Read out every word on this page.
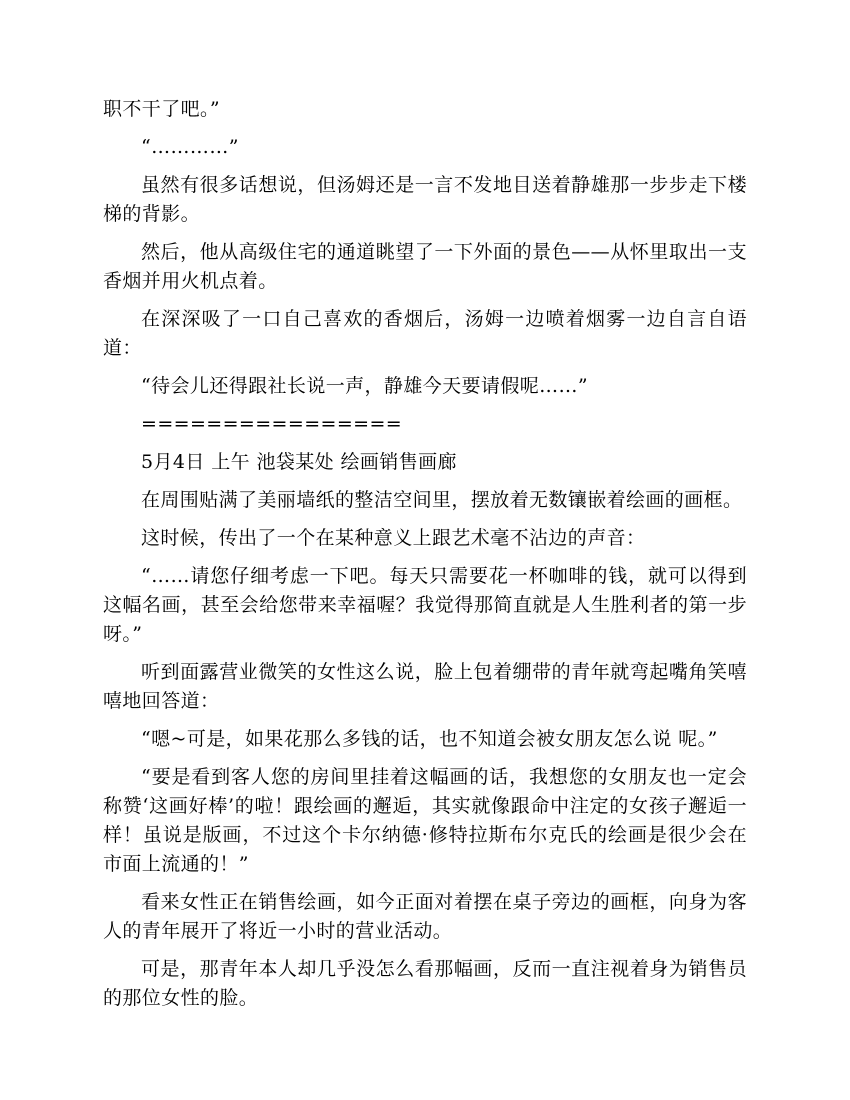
职不干了吧。”

“…………”

虽然有很多话想说，但汤姆还是一言不发地目送着静雄那一步步走下楼梯的背影。

然后，他从高级住宅的通道眺望了一下外面的景色——从怀里取出一支香烟并用火机点着。

在深深吸了一口自己喜欢的香烟后，汤姆一边喷着烟雾一边自言自语道：

“待会儿还得跟社长说一声，静雄今天要请假呢……”

================

5月4日 上午 池袋某处 绘画销售画廊

在周围贴满了美丽墙纸的整洁空间里，摆放着无数镶嵌着绘画的画框。

这时候，传出了一个在某种意义上跟艺术毫不沾边的声音：

“……请您仔细考虑一下吧。每天只需要花一杯咖啡的钱，就可以得到这幅名画，甚至会给您带来幸福喔？我觉得那简直就是人生胜利者的第一步呀。”

听到面露营业微笑的女性这么说，脸上包着绷带的青年就弯起嘴角笑嘻嘻地回答道：

“嗯~可是，如果花那么多钱的话，也不知道会被女朋友怎么说 呢。”

“要是看到客人您的房间里挂着这幅画的话，我想您的女朋友也一定会称赞‘这画好棒’的啦！跟绘画的邂逅，其实就像跟命中注定的女孩子邂逅一样！虽说是版画，不过这个卡尔纳德·修特拉斯布尔克氏的绘画是很少会在市面上流通的！”

看来女性正在销售绘画，如今正面对着摆在桌子旁边的画框，向身为客人的青年展开了将近一小时的营业活动。

可是，那青年本人却几乎没怎么看那幅画，反而一直注视着身为销售员的那位女性的脸。
